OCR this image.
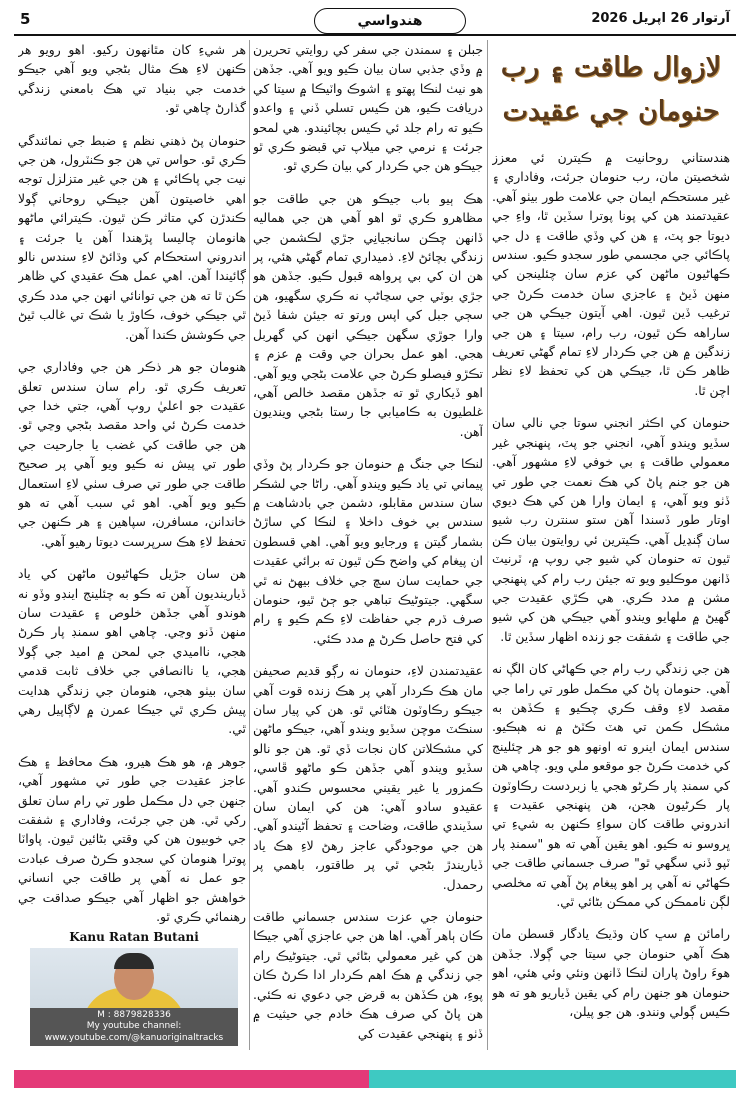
5	هندواسي	آرتوار 26 اپريل 2026
لازوال طاقت ۽ رب حنومان جي عقيدت

هندستاني روحانيت ۾ ڪيترن ئي معزز شخصيتن مان، رب حنومان جرئت، وفاداري ۽ غير مستحڪم ايمان جي علامت طور بيٺو آهي. عقيدتمند هن کي پونا پوترا سڏين ٿا، واءِ جي ديوتا جو پٽ، ۽ هن کي وڏي طاقت ۽ دل جي پاڪائي جي مجسمي طور سجدو ڪيو. سندس ڪهاڻيون ماڻهن کي عزم سان چئلينجن کي منهن ڏيڻ ۽ عاجزي سان خدمت ڪرڻ جي ترغيب ڏين ٿيون. اهي آيتون جيڪي هن جي ساراهه ڪن ٿيون، رب رام، سيتا ۽ هن جي زندگين ۾ هن جي ڪردار لاءِ تمام گهڻي تعريف ظاهر ڪن ٿا، جيڪي هن کي تحفظ لاءِ نظر اچن ٿا.

حنومان کي اڪثر انجني سوتا جي نالي سان سڏيو ويندو آهي، انجني جو پٽ، پنهنجي غير معمولي طاقت ۽ بي خوفي لاءِ مشهور آهي. هن جو جنم پاڻ کي هڪ نعمت جي طور تي ڏٺو ويو آهي، ۽ ايمان وارا هن کي هڪ ديوي اوتار طور ڏسندا آهن ستو سنترن رب شيو سان ڳنڍيل آهي. ڪيترين ئي روايتون بيان ڪن ٿيون ته حنومان کي شيو جي روپ ۾، ٽرنيٽ ڏانهن موڪليو ويو ته جيئن رب رام کي پنهنجي مشن ۾ مدد ڪري. هي ڪڙي عقيدت جي گهيڻ ۾ ملهايو ويندو آهي جيڪي هن کي شيو جي طاقت ۽ شفقت جو زنده اظهار سڏين ٿا.

هن جي زندگي رب رام جي ڪهاڻي کان الڳ نه آهي. حنومان پاڻ کي مڪمل طور تي راما جي مقصد لاءِ وقف ڪري چڪيو ۽ ڪڏهن به مشڪل ڪمن تي هٽ ڪٽڻ ۾ نه هٻڪيو. سندس ايمان اينرو ته اونهو هو جو هر چئلينج کي خدمت ڪرڻ جو موقعو ملي ويو. چاهي هن کي سمنڊ پار ڪرڻو هجي يا زبردست رڪاوٽون پار ڪرڻيون هجن، هن پنهنجي عقيدت ۽ اندروني طاقت کان سواءِ ڪنهن به شيءِ تي ڀروسو نه ڪيو. اهو يقين آهي ته هو "سمنڊ پار ٽپو ڏني سگهي ٿو" صرف جسماني طاقت جي ڪهاڻي نه آهي پر اهو پيغام پڻ آهي ته مخلصي لڳن ناممڪن کي ممڪن بڻائي ٿي.

رامائن ۾ سڀ کان وڌيڪ يادگار قسطن مان هڪ آهي حنومان جي سيتا جي ڳولا. جڏهن هوءَ راوڻ پاران لنڪا ڏانهن ونئي وئي هئي، اهو حنومان هو جنهن رام کي يقين ڏياريو هو ته هو ڪيس ڳولي ونندو. هن جو پيلن،

جبلن ۽ سمندن جي سفر کي روايتي تحريرن ۾ وڏي جذبي سان بيان ڪيو ويو آهي. جڏهن هو نيٺ لنڪا پهتو ۽ اشوڪ واٽيڪا ۾ سيتا کي دريافت ڪيو، هن ڪيس تسلي ڏني ۽ واعدو ڪيو ته رام جلد ئي ڪيس بچائيندو. هي لمحو جرئت ۽ نرمي جي ميلاپ تي قبضو ڪري ٿو جيڪو هن جي ڪردار کي بيان ڪري ٿو.

هڪ ٻيو باب جيڪو هن جي طاقت جو مظاهرو ڪري ٿو اهو آهي هن جي هماليه ڏانهن چڪن سانجيانِي جڙي لڪشمن جي زندگي بچائڻ لاءِ. ذميداري تمام گهڻي هئي، پر هن ان کي بي پرواهه قبول ڪيو. جڏهن هو جڙي بوٽي جي سڃاڻپ نه ڪري سگهيو، هن سڄي جبل کي اپس ورتو ته جيئن شفا ڏيڻ وارا جوڙي سگهن جيڪي انهن کي گهربل هجي. اهو عمل بحران جي وقت ۾ عزم ۽ تڪڙو فيصلو ڪرڻ جي علامت بڻجي ويو آهي. اهو ڏيکاري ٿو ته جڏهن مقصد خالص آهي، غلطيون به ڪاميابي جا رستا بڻجي وينديون آهن.

لنڪا جي جنگ ۾ حنومان جو ڪردار پڻ وڏي پيماني تي ياد ڪيو ويندو آهي. راڻا جي لشڪر سان سندس مقابلو، دشمن جي بادشاهت ۾ سندس بي خوف داخلا ۽ لنڪا کي ساڙڻ بشمار گيتن ۽ ورجايو ويو آهي. اهي قسطون ان پيغام کي واضح ڪن ٿيون ته برائي عقيدت جي حمايت سان سچ جي خلاف بيهڻ نه ٿي سگهي. جيتوڻيڪ تباهي جو ڄڻ ٿيو، حنومان صرف ڌرم جي حفاظت لاءِ ڪم ڪيو ۽ رام کي فتح حاصل ڪرڻ ۾ مدد ڪئي.

عقيدتمندن لاءِ، حنومان نه رڳو قديم صحيفن مان هڪ ڪردار آهي پر هڪ زنده قوت آهي جيڪو رڪاوٽون هٽائي ٿو. هن کي پيار سان سنڪٽ موچن سڏيو ويندو آهي، جيڪو ماڻهن کي مشڪلاتن کان نجات ڏي ٿو. هن جو نالو سڏيو ويندو آهي جڏهن ڪو ماڻهو ڦاسي، ڪمزور يا غير يقيني محسوس ڪندو آهي. عقيدو سادو آهي: هن کي ايمان سان سڏيندي طاقت، وضاحت ۽ تحفظ آڻيندو آهي. هن جي موجودگي عاجز رهڻ لاءِ هڪ ياد ڏياريندڙ بڻجي ٿي پر طاقتور، باهمي پر رحمدل.

حنومان جي عزت سندس جسماني طاقت ڪان ٻاهر آهي. اها هن جي عاجزي آهي جيڪا هن کي غير معمولي بڻائي ٿي. جيتوڻيڪ رام جي زندگي ۾ هڪ اهم ڪردار ادا ڪرڻ ڪان پوءِ، هن ڪڏهن به قرض جي دعوي نه ڪئي. هن پاڻ کي صرف هڪ خادم جي حيثيت ۾ ڏٺو ۽ پنهنجي عقيدت کي

هر شيءِ کان مٿانهون رکيو. اهو رويو هر ڪنهن لاءِ هڪ مثال بڻجي ويو آهي جيڪو خدمت جي بنياد تي هڪ بامعني زندگي گذارڻ چاهي ٿو.

حنومان پڻ ذهني نظم ۽ ضبط جي نمائندگي ڪري ٿو. حواس تي هن جو ڪنٽرول، هن جي نيت جي پاڪائي ۽ هن جي غير متزلزل توجه اهي خاصيتون آهن جيڪي روحاني ڳولا ڪندڙن کي متاثر ڪن ٿيون. ڪيترائي ماڻهو هانومان چاليسا پڙهندا آهن يا جرئت ۽ اندروني استحڪام کي وڌائڻ لاءِ سندس نالو ڳائيندا آهن. اهي عمل هڪ عقيدي کي ظاهر ڪن ٿا ته هن جي توانائي انهن جي مدد ڪري ٿي جيڪي خوف، ڪاوڙ يا شڪ تي غالب ٿيڻ جي ڪوشش ڪندا آهن.

هنومان جو هر ذڪر هن جي وفاداري جي تعريف ڪري ٿو. رام سان سندس تعلق عقيدت جو اعليٰ روپ آهي، جتي خدا جي خدمت ڪرڻ ئي واحد مقصد بڻجي وڃي ٿو. هن جي طاقت کي غضب يا جارحيت جي طور تي پيش نه ڪيو ويو آهي پر صحيح طاقت جي طور تي صرف سٺي لاءِ استعمال ڪيو ويو آهي. اهو ئي سبب آهي ته هو خاندانن، مسافرن، سپاهين ۽ هر ڪنهن جي تحفظ لاءِ هڪ سرپرست ديوتا رهيو آهي.

هن سان جڙيل ڪهاڻيون ماڻهن کي ياد ڏيارينديون آهن ته ڪو به چئلينج اينڊو وڏو نه هوندو آهي جڏهن خلوص ۽ عقيدت سان منهن ڏنو وڃي. چاهي اهو سمنڊ پار ڪرڻ هجي، نااميدي جي لمحن ۾ اميد جي ڳولا هجي، يا ناانصافي جي خلاف ثابت قدمي سان بيٺو هجي، هنومان جي زندگي هدايت پيش ڪري ٿي جيڪا عمرن ۾ لاڳاپيل رهي ٿي.

جوهر ۾، هو هڪ هيرو، هڪ محافظ ۽ هڪ عاجز عقيدت جي طور تي مشهور آهي، جنهن جي دل مڪمل طور تي رام سان تعلق رکي ٿي. هن جي جرئت، وفاداري ۽ شفقت جي خوبيون هن کي وقتي بڻائين ٿيون. پاواٽا پوترا هنومان کي سجدو ڪرڻ صرف عبادت جو عمل نه آهي پر طاقت جي انساني خواهش جو اظهار آهي جيڪو صداقت جي رهنمائي ڪري ٿو.

Kanu Ratan Butani
M : 8879828336
My youtube channel:
www.youtube.com/@kanuoriginaltracks
